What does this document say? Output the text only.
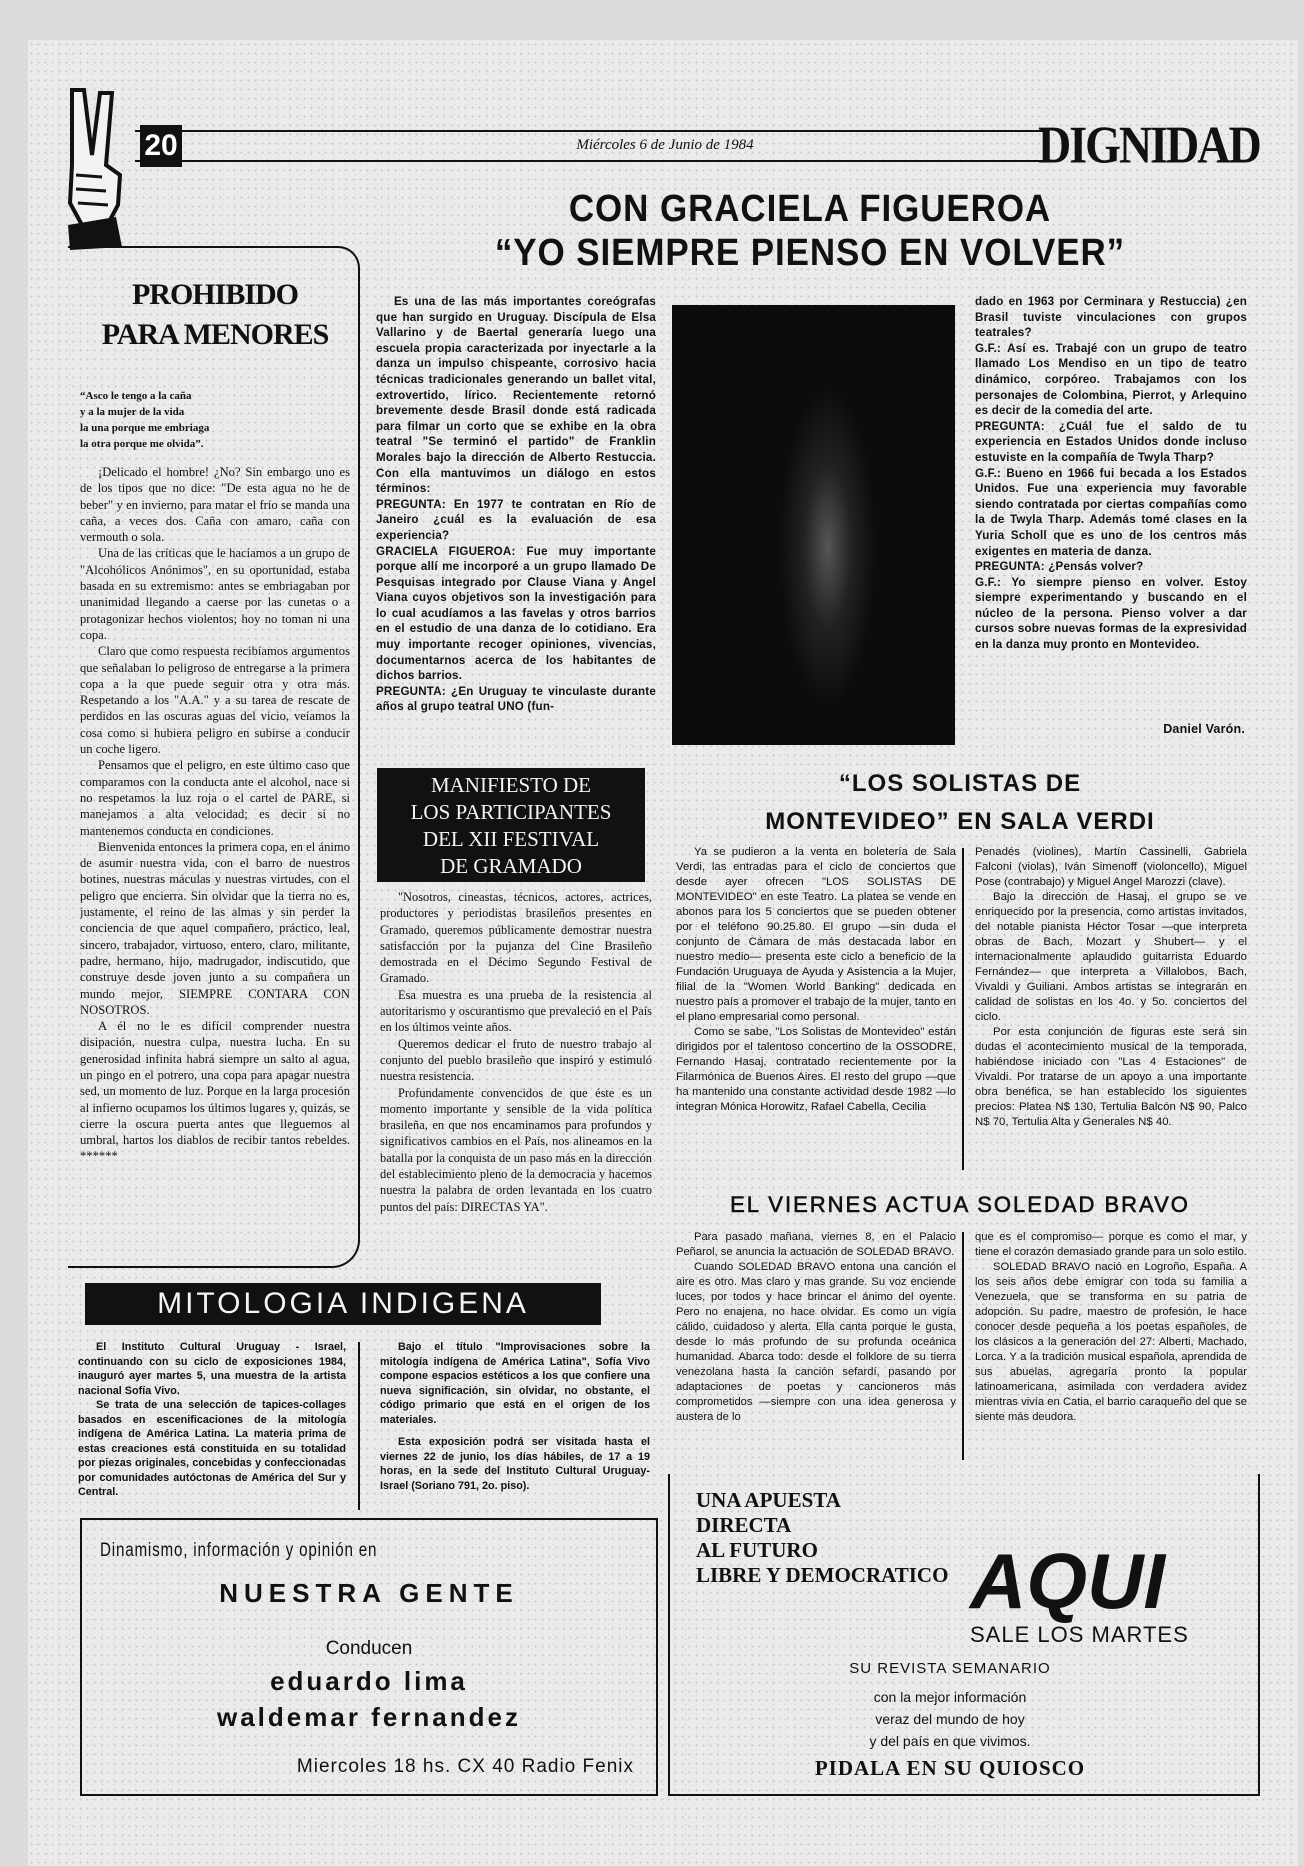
20	Miércoles 6 de Junio de 1984	DIGNIDAD
CON GRACIELA FIGUEROA
“YO SIEMPRE PIENSO EN VOLVER”
PROHIBIDO
PARA MENORES
“Asco le tengo a la caña
y a la mujer de la vida
la una porque me embriaga
la otra porque me olvida”.

¡Delicado el hombre! ¿No? Sin embargo uno es de los tipos que no dice: "De esta agua no he de beber" y en invierno, para matar el frío se manda una caña, a veces dos. Caña con amaro, caña con vermouth o sola.

Una de las críticas que le hacíamos a un grupo de "Alcohólicos Anónimos", en su oportunidad, estaba basada en su extremismo: antes se embriagaban por unanimidad llegando a caerse por las cunetas o a protagonizar hechos violentos; hoy no toman ni una copa.

Claro que como respuesta recibíamos argumentos que señalaban lo peligroso de entregarse a la primera copa a la que puede seguir otra y otra más. Respetando a los "A.A." y a su tarea de rescate de perdidos en las oscuras aguas del vicio, veíamos la cosa como si hubiera peligro en subirse a conducir un coche ligero.

Pensamos que el peligro, en este último caso que comparamos con la conducta ante el alcohol, nace si no respetamos la luz roja o el cartel de PARE, si manejamos a alta velocidad; es decir si no mantenemos conducta en condiciones.

Bienvenida entonces la primera copa, en el ánimo de asumir nuestra vida, con el barro de nuestros botines, nuestras máculas y nuestras virtudes, con el peligro que encierra. Sin olvidar que la tierra no es, justamente, el reino de las almas y sin perder la conciencia de que aquel compañero, práctico, leal, sincero, trabajador, virtuoso, entero, claro, militante, padre, hermano, hijo, madrugador, indiscutido, que construye desde joven junto a su compañera un mundo mejor, SIEMPRE CONTARA CON NOSOTROS.

A él no le es difícil comprender nuestra disipación, nuestra culpa, nuestra lucha. En su generosidad infinita habrá siempre un salto al agua, un pingo en el potrero, una copa para apagar nuestra sed, un momento de luz. Porque en la larga procesión al infierno ocupamos los últimos lugares y, quizás, se cierre la oscura puerta antes que lleguemos al umbral, hartos los diablos de recibir tantos rebeldes. ******

Es una de las más importantes coreógrafas que han surgido en Uruguay. Discípula de Elsa Vallarino y de Baertal generaría luego una escuela propia caracterizada por inyectarle a la danza un impulso chispeante, corrosivo hacia técnicas tradicionales generando un ballet vital, extrovertido, lírico. Recientemente retornó brevemente desde Brasil donde está radicada para filmar un corto que se exhibe en la obra teatral "Se terminó el partido" de Franklin Morales bajo la dirección de Alberto Restuccia. Con ella mantuvimos un diálogo en estos términos:

PREGUNTA: En 1977 te contratan en Río de Janeiro ¿cuál es la evaluación de esa experiencia?

GRACIELA FIGUEROA: Fue muy importante porque allí me incorporé a un grupo llamado De Pesquisas integrado por Clause Viana y Angel Viana cuyos objetivos son la investigación para lo cual acudíamos a las favelas y otros barrios en el estudio de una danza de lo cotidiano. Era muy importante recoger opiniones, vivencias, documentarnos acerca de los habitantes de dichos barrios.

PREGUNTA: ¿En Uruguay te vinculaste durante años al grupo teatral UNO (fun-

dado en 1963 por Cerminara y Restuccia) ¿en Brasil tuviste vinculaciones con grupos teatrales?

G.F.: Así es. Trabajé con un grupo de teatro llamado Los Mendiso en un tipo de teatro dinámico, corpóreo. Trabajamos con los personajes de Colombina, Pierrot, y Arlequino es decir de la comedia del arte.

PREGUNTA: ¿Cuál fue el saldo de tu experiencia en Estados Unidos donde incluso estuviste en la compañía de Twyla Tharp?

G.F.: Bueno en 1966 fui becada a los Estados Unidos. Fue una experiencia muy favorable siendo contratada por ciertas compañías como la de Twyla Tharp. Además tomé clases en la Yuria Scholl que es uno de los centros más exigentes en materia de danza.

PREGUNTA: ¿Pensás volver?

G.F.: Yo siempre pienso en volver. Estoy siempre experimentando y buscando en el núcleo de la persona. Pienso volver a dar cursos sobre nuevas formas de la expresividad en la danza muy pronto en Montevideo.

Daniel Varón.
MANIFIESTO DE
LOS PARTICIPANTES
DEL XII FESTIVAL
DE GRAMADO

"Nosotros, cineastas, técnicos, actores, actrices, productores y periodistas brasileños presentes en Gramado, queremos públicamente demostrar nuestra satisfacción por la pujanza del Cine Brasileño demostrada en el Décimo Segundo Festival de Gramado.

Esa muestra es una prueba de la resistencia al autoritarismo y oscurantismo que prevaleció en el País en los últimos veinte años.

Queremos dedicar el fruto de nuestro trabajo al conjunto del pueblo brasileño que inspiró y estimuló nuestra resistencia.

Profundamente convencidos de que éste es un momento importante y sensible de la vida política brasileña, en que nos encaminamos para profundos y significativos cambios en el País, nos alineamos en la batalla por la conquista de un paso más en la dirección del establecimiento pleno de la democracia y hacemos nuestra la palabra de orden levantada en los cuatro puntos del país: DIRECTAS YA".

“LOS SOLISTAS DE
MONTEVIDEO” EN SALA VERDI

Ya se pudieron a la venta en boletería de Sala Verdi, las entradas para el ciclo de conciertos que desde ayer ofrecen "LOS SOLISTAS DE MONTEVIDEO" en este Teatro. La platea se vende en abonos para los 5 conciertos que se pueden obtener por el teléfono 90.25.80. El grupo —sin duda el conjunto de Cámara de más destacada labor en nuestro medio— presenta este ciclo a beneficio de la Fundación Uruguaya de Ayuda y Asistencia a la Mujer, filial de la "Women World Banking" dedicada en nuestro país a promover el trabajo de la mujer, tanto en el plano empresarial como personal.

Como se sabe, "Los Solistas de Montevideo" están dirigidos por el talentoso concertino de la OSSODRE, Fernando Hasaj, contratado recientemente por la Filarmónica de Buenos Aires. El resto del grupo —que ha mantenido una constante actividad desde 1982 —lo integran Mónica Horowitz, Rafael Cabella, Cecilia

Penadés (violines), Martín Cassinelli, Gabriela Falconi (violas), Iván Simenoff (violoncello), Miguel Pose (contrabajo) y Miguel Angel Marozzi (clave).

Bajo la dirección de Hasaj, el grupo se ve enriquecido por la presencia, como artistas invitados, del notable pianista Héctor Tosar —que interpreta obras de Bach, Mozart y Shubert— y el internacionalmente aplaudido guitarrista Eduardo Fernández— que interpreta a Villalobos, Bach, Vivaldi y Guiliani. Ambos artistas se integrarán en calidad de solistas en los 4o. y 5o. conciertos del ciclo.

Por esta conjunción de figuras este será sin dudas el acontecimiento musical de la temporada, habiéndose iniciado con "Las 4 Estaciones" de Vivaldi. Por tratarse de un apoyo a una importante obra benéfica, se han establecido los siguientes precios: Platea N$ 130, Tertulia Balcón N$ 90, Palco N$ 70, Tertulia Alta y Generales N$ 40.

EL VIERNES ACTUA SOLEDAD BRAVO

Para pasado mañana, viernes 8, en el Palacio Peñarol, se anuncia la actuación de SOLEDAD BRAVO.

Cuando SOLEDAD BRAVO entona una canción el aire es otro. Mas claro y mas grande. Su voz enciende luces, por todos y hace brincar el ánimo del oyente. Pero no enajena, no hace olvidar. Es como un vigía cálido, cuidadoso y alerta. Ella canta porque le gusta, desde lo más profundo de su profunda oceánica humanidad. Abarca todo: desde el folklore de su tierra venezolana hasta la canción sefardí, pasando por adaptaciones de poetas y cancioneros más comprometidos —siempre con una idea generosa y austera de lo

que es el compromiso— porque es como el mar, y tiene el corazón demasiado grande para un solo estilo.

SOLEDAD BRAVO nació en Logroño, España. A los seis años debe emigrar con toda su familia a Venezuela, que se transforma en su patria de adopción. Su padre, maestro de profesión, le hace conocer desde pequeña a los poetas españoles, de los clásicos a la generación del 27: Alberti, Machado, Lorca. Y a la tradición musical española, aprendida de sus abuelas, agregaría pronto la popular latinoamericana, asimilada con verdadera avidez mientras vivía en Catia, el barrio caraqueño del que se siente más deudora.

MITOLOGIA INDIGENA

El Instituto Cultural Uruguay - Israel, continuando con su ciclo de exposiciones 1984, inauguró ayer martes 5, una muestra de la artista nacional Sofía Vivo.

Se trata de una selección de tapices-collages basados en escenificaciones de la mitología indígena de América Latina. La materia prima de estas creaciones está constituida en su totalidad por piezas originales, concebidas y confeccionadas por comunidades autóctonas de América del Sur y Central.

Bajo el título "Improvisaciones sobre la mitología indígena de América Latina", Sofía Vivo compone espacios estéticos a los que confiere una nueva significación, sin olvidar, no obstante, el código primario que está en el origen de los materiales.

Esta exposición podrá ser visitada hasta el viernes 22 de junio, los días hábiles, de 17 a 19 horas, en la sede del Instituto Cultural Uruguay-Israel (Soriano 791, 2o. piso).

Dinamismo, información y opinión en
NUESTRA GENTE
Conducen
eduardo lima
waldemar fernandez
Miercoles 18 hs. CX 40 Radio Fenix
UNA APUESTA
DIRECTA
AL FUTURO
LIBRE Y DEMOCRATICO AQUI
SALE LOS MARTES
SU REVISTA SEMANARIO
con la mejor información
veraz del mundo de hoy
y del país en que vivimos.
PIDALA EN SU QUIOSCO
